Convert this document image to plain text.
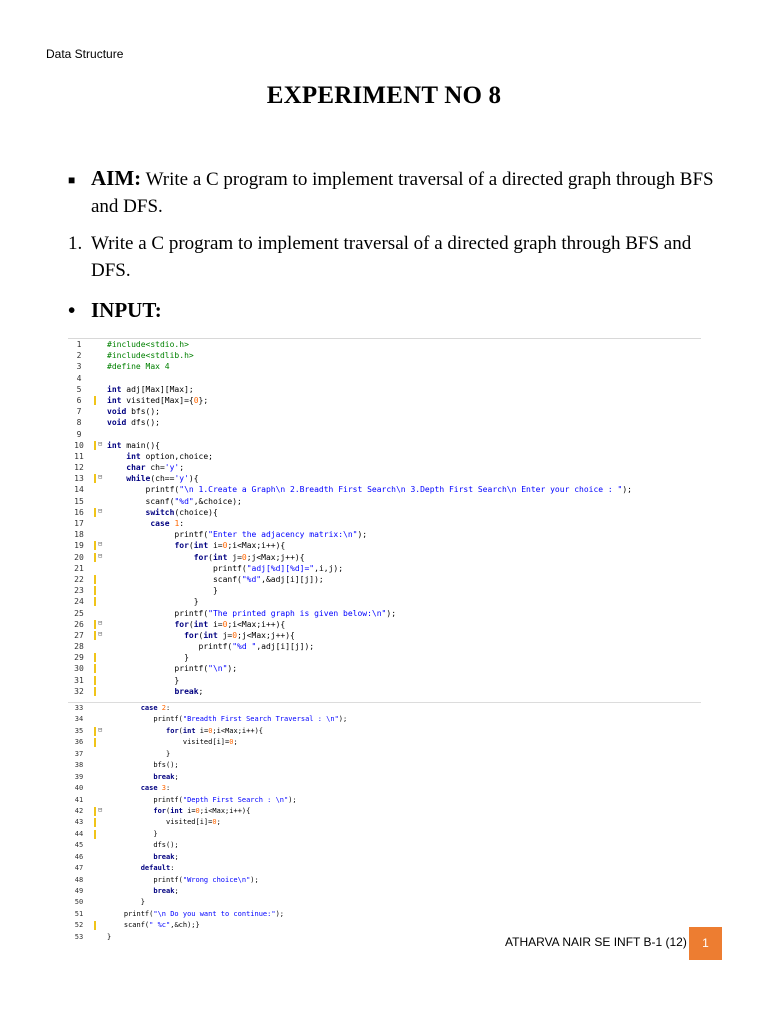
Data Structure
EXPERIMENT NO 8
■ AIM: Write a C program to implement traversal of a directed graph through BFS and DFS.
1. Write a C program to implement traversal of a directed graph through BFS and DFS.
• INPUT:
1	#include<stdio.h>
2	#include<stdlib.h>
3	#define Max 4
4
5	int adj[Max][Max];
6	int visited[Max]={0};
7	void bfs();
8	void dfs();
9
10 ⊟	int main(){
11	int option,choice;
12	char ch='y';
13 ⊟	while(ch=='y'){
14	printf("\n 1.Create a Graph\n 2.Breadth First Search\n 3.Depth First Search\n Enter your choice : ");
15	scanf("%d",&choice);
16 ⊟	switch(choice){
17	case 1:
18	printf("Enter the adjacency matrix:\n");
19 ⊟	for(int i=0;i<Max;i++){
20 ⊟	for(int j=0;j<Max;j++){
21	printf("adj[%d][%d]=",i,j);
22	scanf("%d",&adj[i][j]);
23	}
24	}
25	printf("The printed graph is given below:\n");
26 ⊟	for(int i=0;i<Max;i++){
27 ⊟	for(int j=0;j<Max;j++){
28	printf("%d ",adj[i][j]);
29	}
30	printf("\n");
31	}
32	break;
33	case 2:
34	printf("Breadth First Search Traversal : \n");
35 ⊟	for(int i=0;i<Max;i++){
36	visited[i]=0;
37	}
38	bfs();
39	break;
40	case 3:
41	printf("Depth First Search : \n");
42 ⊟	for(int i=0;i<Max;i++){
43	visited[i]=0;
44	}
45	dfs();
46	break;
47	default:
48	printf("Wrong choice\n");
49	break;
50	}
51	printf("\n Do you want to continue:");
52	scanf(" %c",&ch);}
53	}	ATHARVA NAIR SE INFT B-1 (12)	1
